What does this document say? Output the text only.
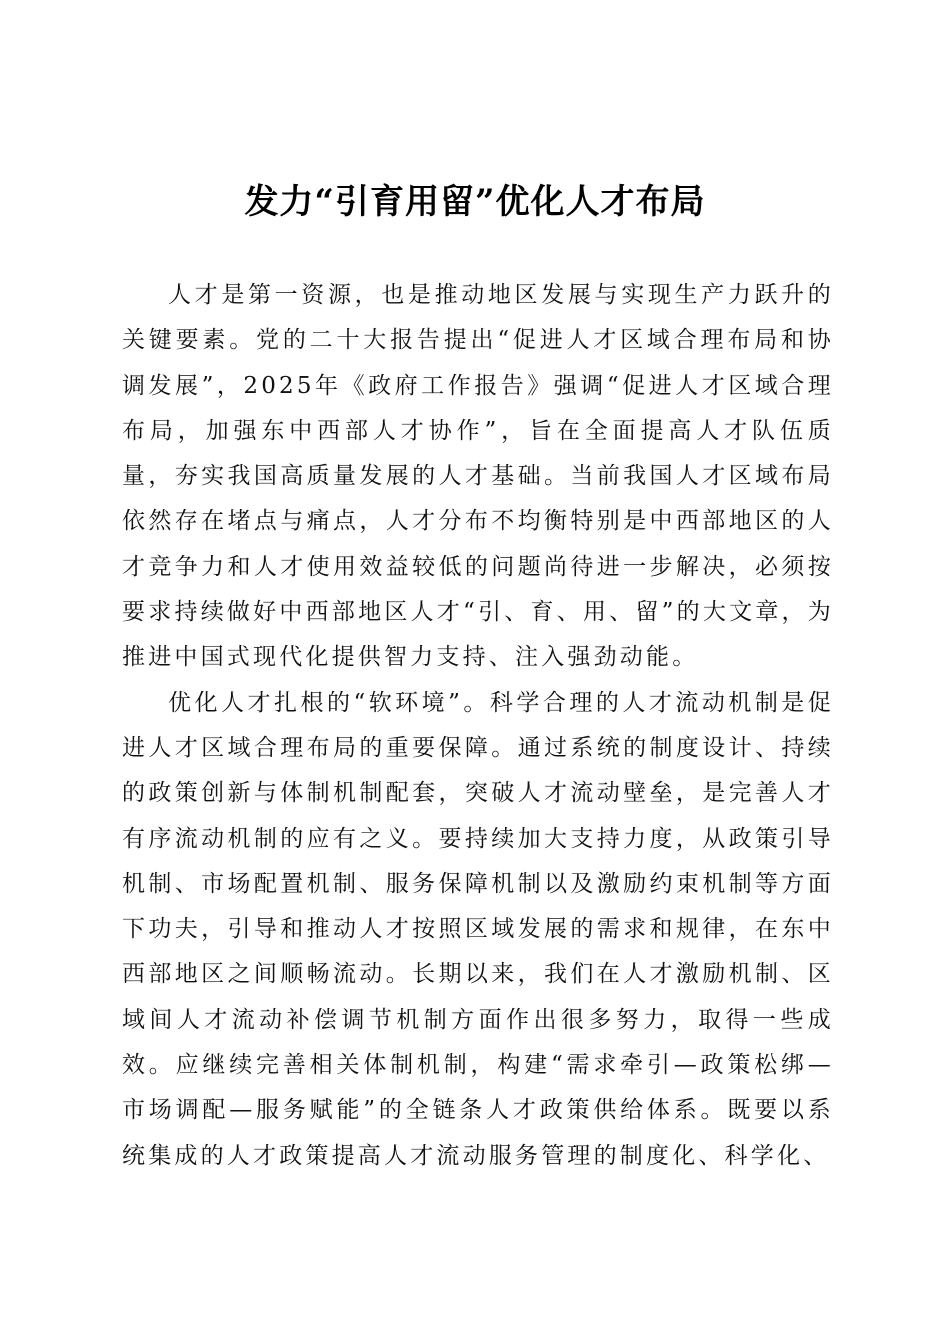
发力“引育用留”优化人才布局

人才是第一资源，也是推动地区发展与实现生产力跃升的关键要素。党的二十大报告提出“促进人才区域合理布局和协调发展”，2025年《政府工作报告》强调“促进人才区域合理布局，加强东中西部人才协作”，旨在全面提高人才队伍质量，夯实我国高质量发展的人才基础。当前我国人才区域布局依然存在堵点与痛点，人才分布不均衡特别是中西部地区的人才竞争力和人才使用效益较低的问题尚待进一步解决，必须按要求持续做好中西部地区人才“引、育、用、留”的大文章，为推进中国式现代化提供智力支持、注入强劲动能。

优化人才扎根的“软环境”。科学合理的人才流动机制是促进人才区域合理布局的重要保障。通过系统的制度设计、持续的政策创新与体制机制配套，突破人才流动壁垒，是完善人才有序流动机制的应有之义。要持续加大支持力度，从政策引导机制、市场配置机制、服务保障机制以及激励约束机制等方面下功夫，引导和推动人才按照区域发展的需求和规律，在东中西部地区之间顺畅流动。长期以来，我们在人才激励机制、区域间人才流动补偿调节机制方面作出很多努力，取得一些成效。应继续完善相关体制机制，构建“需求牵引—政策松绑—市场调配—服务赋能”的全链条人才政策供给体系。既要以系统集成的人才政策提高人才流动服务管理的制度化、科学化、
